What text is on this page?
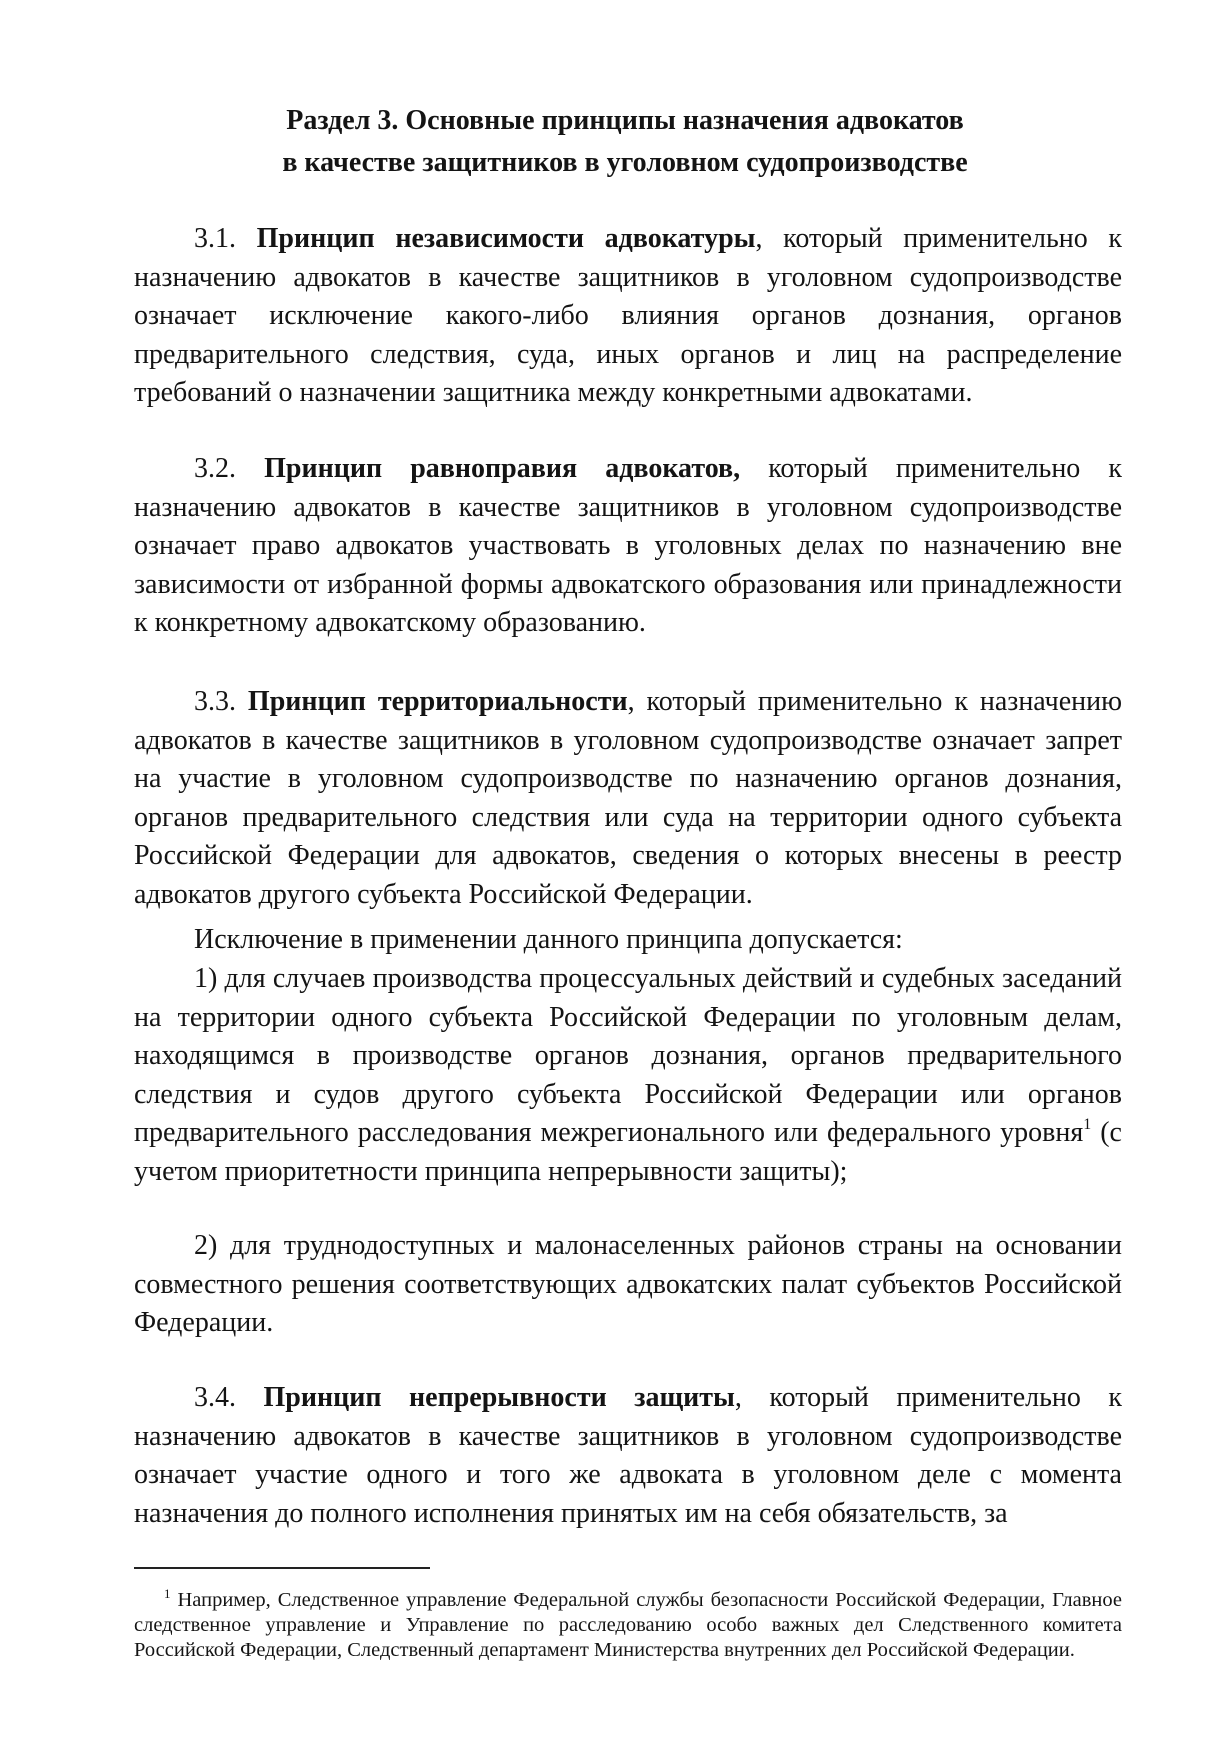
Раздел 3. Основные принципы назначения адвокатов
в качестве защитников в уголовном судопроизводстве
3.1. Принцип независимости адвокатуры, который применительно к назначению адвокатов в качестве защитников в уголовном судопроизводстве означает исключение какого-либо влияния органов дознания, органов предварительного следствия, суда, иных органов и лиц на распределение требований о назначении защитника между конкретными адвокатами.
3.2. Принцип равноправия адвокатов, который применительно к назначению адвокатов в качестве защитников в уголовном судопроизводстве означает право адвокатов участвовать в уголовных делах по назначению вне зависимости от избранной формы адвокатского образования или принадлежности к конкретному адвокатскому образованию.
3.3. Принцип территориальности, который применительно к назначению адвокатов в качестве защитников в уголовном судопроизводстве означает запрет на участие в уголовном судопроизводстве по назначению органов дознания, органов предварительного следствия или суда на территории одного субъекта Российской Федерации для адвокатов, сведения о которых внесены в реестр адвокатов другого субъекта Российской Федерации.
Исключение в применении данного принципа допускается:
1) для случаев производства процессуальных действий и судебных заседаний на территории одного субъекта Российской Федерации по уголовным делам, находящимся в производстве органов дознания, органов предварительного следствия и судов другого субъекта Российской Федерации или органов предварительного расследования межрегионального или федерального уровня$^1$ (с учетом приоритетности принципа непрерывности защиты);
2) для труднодоступных и малонаселенных районов страны на основании совместного решения соответствующих адвокатских палат субъектов Российской Федерации.
3.4. Принцип непрерывности защиты, который применительно к назначению адвокатов в качестве защитников в уголовном судопроизводстве означает участие одного и того же адвоката в уголовном деле с момента назначения до полного исполнения принятых им на себя обязательств, за
$^1$ Например, Следственное управление Федеральной службы безопасности Российской Федерации, Главное следственное управление и Управление по расследованию особо важных дел Следственного комитета Российской Федерации, Следственный департамент Министерства внутренних дел Российской Федерации.
